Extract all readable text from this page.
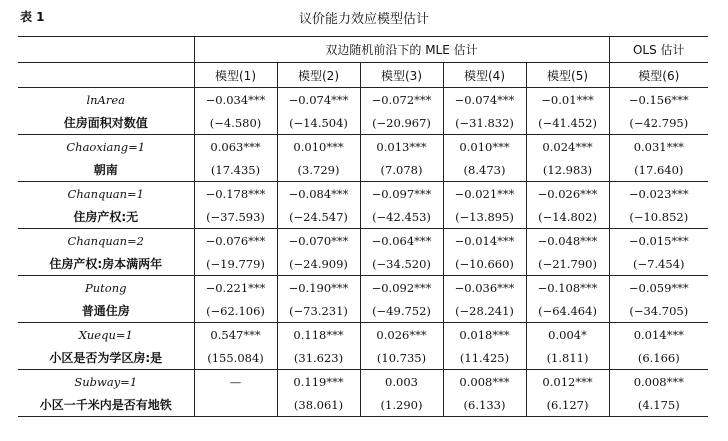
表 1	议价能力效应模型估计
	双边随机前沿下的 MLE 估计					OLS 估计
	模型(1)	模型(2)	模型(3)	模型(4)	模型(5)	模型(6)
lnArea	−0.034***	−0.074***	−0.072***	−0.074***	−0.01***	−0.156***
住房面积对数值	(−4.580)	(−14.504)	(−20.967)	(−31.832)	(−41.452)	(−42.795)
Chaoxiang=1	0.063***	0.010***	0.013***	0.010***	0.024***	0.031***
朝南	(17.435)	(3.729)	(7.078)	(8.473)	(12.983)	(17.640)
Chanquan=1	−0.178***	−0.084***	−0.097***	−0.021***	−0.026***	−0.023***
住房产权:无	(−37.593)	(−24.547)	(−42.453)	(−13.895)	(−14.802)	(−10.852)
Chanquan=2	−0.076***	−0.070***	−0.064***	−0.014***	−0.048***	−0.015***
住房产权:房本满两年	(−19.779)	(−24.909)	(−34.520)	(−10.660)	(−21.790)	(−7.454)
Putong	−0.221***	−0.190***	−0.092***	−0.036***	−0.108***	−0.059***
普通住房	(−62.106)	(−73.231)	(−49.752)	(−28.241)	(−64.464)	(−34.705)
Xuequ=1	0.547***	0.118***	0.026***	0.018***	0.004*	0.014***
小区是否为学区房:是	(155.084)	(31.623)	(10.735)	(11.425)	(1.811)	(6.166)
Subway=1	—	0.119***	0.003	0.008***	0.012***	0.008***
小区一千米内是否有地铁		(38.061)	(1.290)	(6.133)	(6.127)	(4.175)
